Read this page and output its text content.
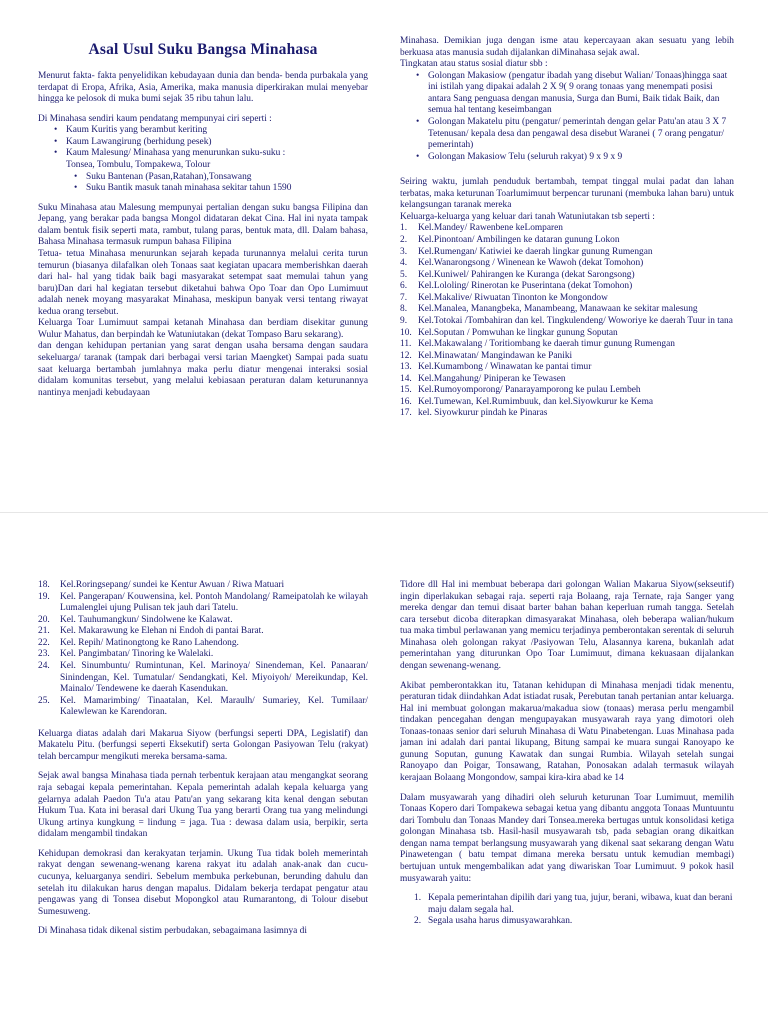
Asal Usul Suku Bangsa Minahasa

Menurut fakta- fakta penyelidikan kebudayaan dunia dan benda- benda purbakala yang terdapat di Eropa, Afrika, Asia, Amerika, maka manusia diperkirakan mulai menyebar hingga ke pelosok di muka bumi sejak 35 ribu tahun lalu.

Di Minahasa sendiri kaum pendatang mempunyai ciri seperti :

• Kaum Kuritis yang berambut keriting
• Kaum Lawangirung (berhidung pesek)
• Kaum Malesung/ Minahasa yang menurunkan suku-suku :
Tonsea, Tombulu, Tompakewa, Tolour
• Suku Bantenan (Pasan,Ratahan),Tonsawang
• Suku Bantik masuk tanah minahasa sekitar tahun 1590

Suku Minahasa atau Malesung mempunyai pertalian dengan suku bangsa Filipina dan Jepang, yang berakar pada bangsa Mongol didataran dekat Cina. Hal ini nyata tampak dalam bentuk fisik seperti mata, rambut, tulang paras, bentuk mata, dll. Dalam bahasa, Bahasa Minahasa termasuk rumpun bahasa Filipina

Tetua- tetua Minahasa menurunkan sejarah kepada turunannya melalui cerita turun temurun (biasanya dilafalkan oleh Tonaas saat kegiatan upacara memberishkan daerah dari hal- hal yang tidak baik bagi masyarakat setempat saat memulai tahun yang baru)Dan dari hal kegiatan tersebut diketahui bahwa Opo Toar dan Opo Lumimuut adalah nenek moyang masyarakat Minahasa, meskipun banyak versi tentang riwayat kedua orang tersebut.

Keluarga Toar Lumimuut sampai ketanah Minahasa dan berdiam disekitar gunung Wulur Mahatus, dan berpindah ke Watuniutakan (dekat Tompaso Baru sekarang).

dan dengan kehidupan pertanian yang sarat dengan usaha bersama dengan saudara sekeluarga/ taranak (tampak dari berbagai versi tarian Maengket) Sampai pada suatu saat keluarga bertambah jumlahnya maka perlu diatur mengenai interaksi sosial didalam komunitas tersebut, yang melalui kebiasaan peraturan dalam keturunannya nantinya menjadi kebudayaan

Minahasa. Demikian juga dengan isme atau kepercayaan akan sesuatu yang lebih berkuasa atas manusia sudah dijalankan diMinahasa sejak awal.

Tingkatan atau status sosial diatur sbb :

• Golongan Makasiow (pengatur ibadah yang disebut Walian/ Tonaas)hingga saat ini istilah yang dipakai adalah 2 X 9( 9 orang tonaas yang menempati posisi antara Sang penguasa dengan manusia, Surga dan Bumi, Baik tidak Baik, dan semua hal tentang keseimbangan
• Golongan Makatelu pitu (pengatur/ pemerintah dengan gelar Patu'an atau 3 X 7 Tetenusan/ kepala desa dan pengawal desa disebut Waranei ( 7 orang pengatur/ pemerintah)
• Golongan Makasiow Telu (seluruh rakyat) 9 x 9 x 9

Seiring waktu, jumlah penduduk bertambah, tempat tinggal mulai padat dan lahan terbatas, maka keturunan Toarlumimuut berpencar turunani (membuka lahan baru) untuk kelangsungan taranak mereka

Keluarga-keluarga yang keluar dari tanah Watuniutakan tsb seperti :

1. Kel.Mandey/ Rawenbene keLomparen
2. Kel.Pinontoan/ Ambilingen ke dataran gunung Lokon
3. Kel.Rumengan/ Katiwiei ke daerah lingkar gunung Rumengan
4. Kel.Wanarongsong / Winenean ke Wawoh (dekat Tomohon)
5. Kel.Kuniwel/ Pahirangen ke Kuranga (dekat Sarongsong)
6. Kel.Lololing/ Rinerotan ke Puserintana (dekat Tomohon)
7. Kel.Makalive/ Riwuatan Tinonton ke Mongondow
8. Kel.Manalea, Manangbeka, Manambeang, Manawaan ke sekitar malesung
9. Kel.Totokai /Tombahiran dan kel. Tingkulendeng/ Woworiye ke daerah Tuur in tana
10. Kel.Soputan / Pomwuhan ke lingkar gunung Soputan
11. Kel.Makawalang / Toritiombang ke daerah timur gunung Rumengan
12. Kel.Minawatan/ Mangindawan ke Paniki
13. Kel.Kumambong / Winawatan ke pantai timur
14. Kel.Mangahung/ Piniperan ke Tewasen
15. Kel.Rumoyomporong/ Panarayamporong ke pulau Lembeh
16. Kel.Tumewan, Kel.Rumimbuuk, dan kel.Siyowkurur ke Kema
17. kel. Siyowkurur pindah ke Pinaras
18. Kel.Roringsepang/ sundei ke Kentur Awuan / Riwa Matuari
19. Kel. Pangerapan/ Kouwensina, kel. Pontoh Mandolang/ Rameipatolah ke wilayah Lumalenglei ujung Pulisan tek jauh dari Tatelu.
20. Kel. Tauhumangkun/ Sindolwene ke Kalawat.
21. Kel. Makarawung ke Elehan ni Endoh di pantai Barat.
22. Kel. Repih/ Matinongtong ke Rano Lahendong.
23. Kel. Pangimbatan/ Tinoring ke Walelaki.
24. Kel. Sinumbuntu/ Rumintunan, Kel. Marinoya/ Sinendeman, Kel. Panaaran/ Sinindengan, Kel. Tumatular/ Sendangkati, Kel. Miyoiyoh/ Mereikundap, Kel. Mainalo/ Tendewene ke daerah Kasendukan.
25. Kel. Mamarimbing/ Tinaatalan, Kel. Maraulh/ Sumariey, Kel. Tumilaar/ Kalewlewan ke Karendoran.

Keluarga diatas adalah dari Makarua Siyow (berfungsi seperti DPA, Legislatif) dan Makatelu Pitu. (berfungsi seperti Eksekutif) serta Golongan Pasiyowan Telu (rakyat) telah bercampur mengikuti mereka bersama-sama.

Sejak awal bangsa Minahasa tiada pernah terbentuk kerajaan atau mengangkat seorang raja sebagai kepala pemerintahan. Kepala pemerintah adalah kepala keluarga yang gelarnya adalah Paedon Tu'a atau Patu'an yang sekarang kita kenal dengan sebutan Hukum Tua. Kata ini berasal dari Ukung Tua yang berarti Orang tua yang melindungi Ukung artinya kungkung = lindung = jaga. Tua : dewasa dalam usia, berpikir, serta didalam mengambil tindakan

Kehidupan demokrasi dan kerakyatan terjamin. Ukung Tua tidak boleh memerintah rakyat dengan sewenang-wenang karena rakyat itu adalah anak-anak dan cucu-cucunya, keluarganya sendiri. Sebelum membuka perkebunan, berunding dahulu dan setelah itu dilakukan harus dengan mapalus. Didalam bekerja terdapat pengatur atau pengawas yang di Tonsea disebut Mopongkol atau Rumarantong, di Tolour disebut Sumesuweng.

Di Minahasa tidak dikenal sistim perbudakan, sebagaimana lasimnya di

Tidore dll Hal ini membuat beberapa dari golongan Walian Makarua Siyow(sekseutif) ingin diperlakukan sebagai raja. seperti raja Bolaang, raja Ternate, raja Sanger yang mereka dengar dan temui disaat barter bahan bahan keperluan rumah tangga. Setelah cara tersebut dicoba diterapkan dimasyarakat Minahasa, oleh beberapa walian/hukum tua maka timbul perlawanan yang memicu terjadinya pemberontakan serentak di seluruh Minahasa oleh golongan rakyat /Pasiyowan Telu, Alasannya karena, bukanlah adat pemerintahan yang diturunkan Opo Toar Lumimuut, dimana kekuasaan dijalankan dengan sewenang-wenang.

Akibat pemberontakkan itu, Tatanan kehidupan di Minahasa menjadi tidak menentu, peraturan tidak diindahkan Adat istiadat rusak, Perebutan tanah pertanian antar keluarga. Hal ini membuat golongan makarua/makadua siow (tonaas) merasa perlu mengambil tindakan pencegahan dengan mengupayakan musyawarah raya yang dimotori oleh Tonaas-tonaas senior dari seluruh Minahasa di Watu Pinabetengan. Luas Minahasa pada jaman ini adalah dari pantai likupang, Bitung sampai ke muara sungai Ranoyapo ke gunung Soputan, gunung Kawatak dan sungai Rumbia. Wilayah setelah sungai Ranoyapo dan Poigar, Tonsawang, Ratahan, Ponosakan adalah termasuk wilayah kerajaan Bolaang Mongondow, sampai kira-kira abad ke 14

Dalam musyawarah yang dihadiri oleh seluruh keturunan Toar Lumimuut, memilih Tonaas Kopero dari Tompakewa sebagai ketua yang dibantu anggota Tonaas Muntuuntu dari Tombulu dan Tonaas Mandey dari Tonsea.mereka bertugas untuk konsolidasi ketiga golongan Minahasa tsb. Hasil-hasil musyawarah tsb, pada sebagian orang dikaitkan dengan nama tempat berlangsung musyawarah yang dikenal saat sekarang dengan Watu Pinawetengan ( batu tempat dimana mereka bersatu untuk kemudian membagi) bertujuan untuk mengembalikan adat yang diwariskan Toar Lumimuut. 9 pokok hasil musyawarah yaitu:

1. Kepala pemerintahan dipilih dari yang tua, jujur, berani, wibawa, kuat dan berani maju dalam segala hal.
2. Segala usaha harus dimusyawarahkan.
